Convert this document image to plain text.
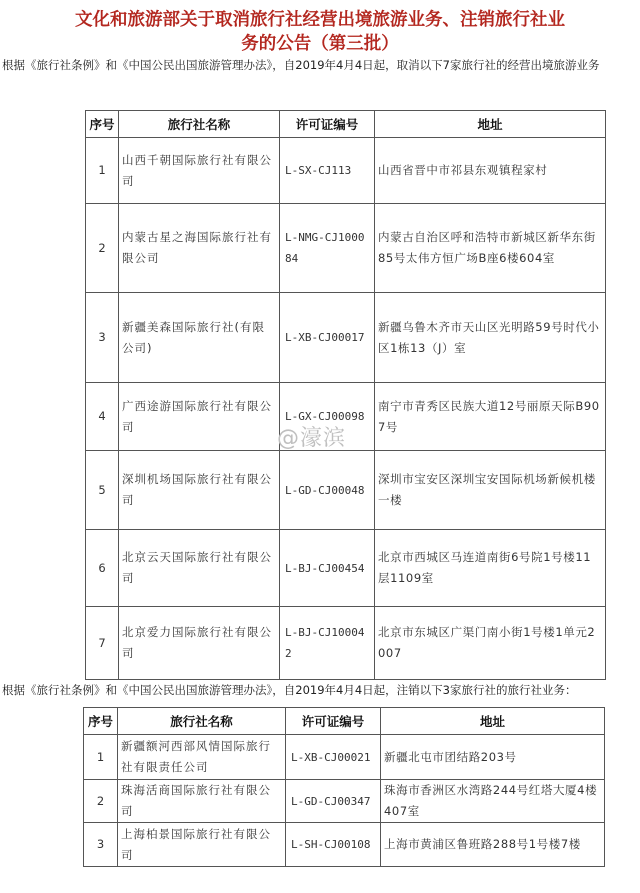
文化和旅游部关于取消旅行社经营出境旅游业务、注销旅行社业
务的公告（第三批）
根据《旅行社条例》和《中国公民出国旅游管理办法》，自2019年4月4日起，取消以下7家旅行社的经营出境旅游业务
序号	旅行社名称	许可证编号	地址
1	山西千朝国际旅行社有限公司	L-SX-CJ113	山西省晋中市祁县东观镇程家村
2	内蒙古星之海国际旅行社有限公司	L-NMG-CJ100084	内蒙古自治区呼和浩特市新城区新华东街85号太伟方恒广场B座6楼604室
3	新疆美森国际旅行社(有限公司)	L-XB-CJ00017	新疆乌鲁木齐市天山区光明路59号时代小区1栋13（J）室
4	广西途游国际旅行社有限公司	L-GX-CJ00098	南宁市青秀区民族大道12号丽原天际B907号
5	深圳机场国际旅行社有限公司	L-GD-CJ00048	深圳市宝安区深圳宝安国际机场新候机楼一楼
6	北京云天国际旅行社有限公司	L-BJ-CJ00454	北京市西城区马连道南街6号院1号楼11层1109室
7	北京爱力国际旅行社有限公司	L-BJ-CJ100042	北京市东城区广渠门南小街1号楼1单元2007
@濠滨
根据《旅行社条例》和《中国公民出国旅游管理办法》，自2019年4月4日起，注销以下3家旅行社的旅行社业务：
序号	旅行社名称	许可证编号	地址
1	新疆额河西部风情国际旅行社有限责任公司	L-XB-CJ00021	新疆北屯市团结路203号
2	珠海活商国际旅行社有限公司	L-GD-CJ00347	珠海市香洲区水湾路244号红塔大厦4楼407室
3	上海柏景国际旅行社有限公司	L-SH-CJ00108	上海市黄浦区鲁班路288号1号楼7楼
